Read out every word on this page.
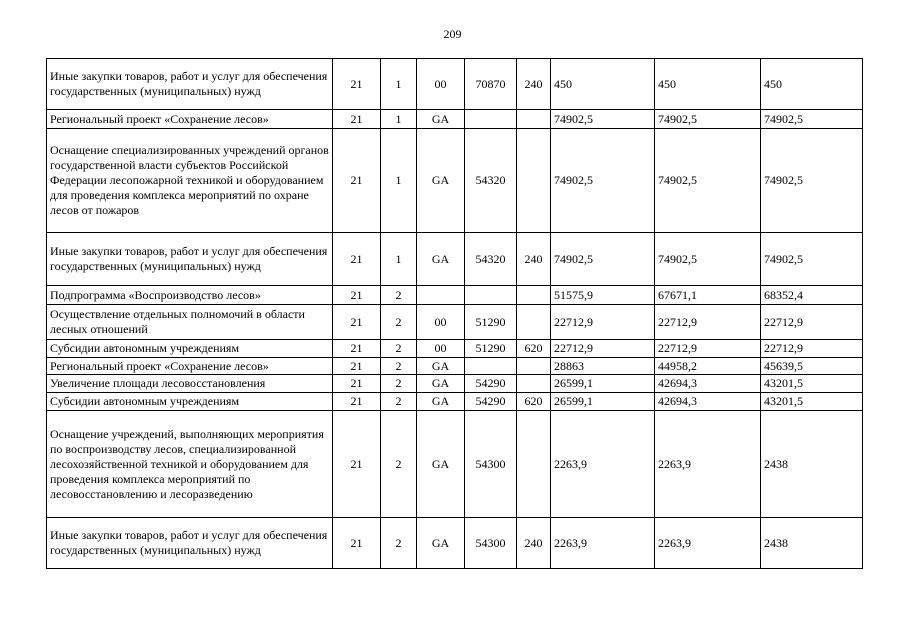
209
Иные закупки товаров, работ и услуг для обеспечения государственных (муниципальных) нужд	21	1	00	70870	240	450	450	450
Региональный проект «Сохранение лесов»	21	1	GA			74902,5	74902,5	74902,5
Оснащение специализированных учреждений органов государственной власти субъектов Российской Федерации лесопожарной техникой и оборудованием для проведения комплекса мероприятий по охране лесов от пожаров	21	1	GA	54320		74902,5	74902,5	74902,5
Иные закупки товаров, работ и услуг для обеспечения государственных (муниципальных) нужд	21	1	GA	54320	240	74902,5	74902,5	74902,5
Подпрограмма «Воспроизводство лесов»	21	2				51575,9	67671,1	68352,4
Осуществление отдельных полномочий в области лесных отношений	21	2	00	51290		22712,9	22712,9	22712,9
Субсидии автономным учреждениям	21	2	00	51290	620	22712,9	22712,9	22712,9
Региональный проект «Сохранение лесов»	21	2	GA			28863	44958,2	45639,5
Увеличение площади лесовосстановления	21	2	GA	54290		26599,1	42694,3	43201,5
Субсидии автономным учреждениям	21	2	GA	54290	620	26599,1	42694,3	43201,5
Оснащение учреждений, выполняющих мероприятия по воспроизводству лесов, специализированной лесохозяйственной техникой и оборудованием для проведения комплекса мероприятий по лесовосстановлению и лесоразведению	21	2	GA	54300		2263,9	2263,9	2438
Иные закупки товаров, работ и услуг для обеспечения государственных (муниципальных) нужд	21	2	GA	54300	240	2263,9	2263,9	2438
